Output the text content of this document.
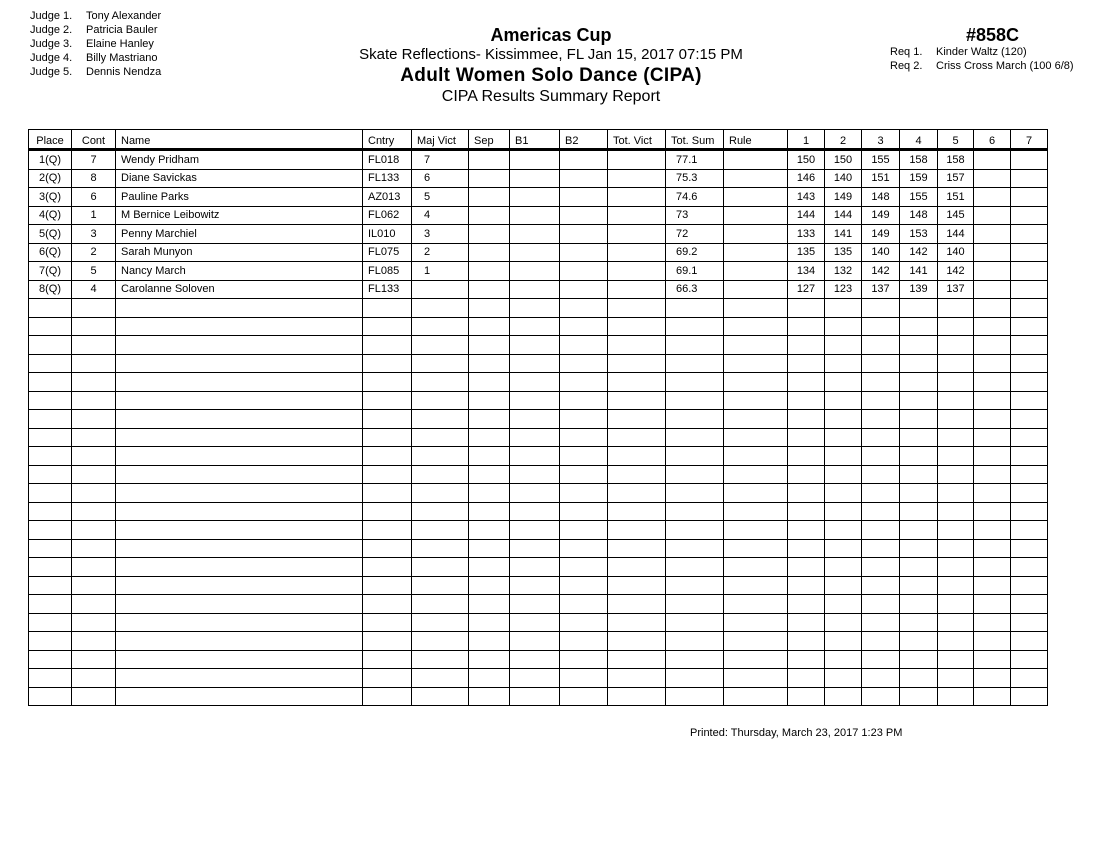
Judge 1. Tony Alexander
Judge 2. Patricia Bauler
Judge 3. Elaine Hanley
Judge 4. Billy Mastriano
Judge 5. Dennis Nendza
Americas Cup
Skate Reflections- Kissimmee, FL Jan 15, 2017 07:15 PM
Adult Women Solo Dance (CIPA)
CIPA Results Summary Report
#858C
Req 1. Kinder Waltz (120)
Req 2. Criss Cross March (100 6/8)
Place	Cont	Name	Cntry	Maj Vict	Sep	B1	B2	Tot. Vict	Tot. Sum	Rule	1	2	3	4	5	6	7
1(Q)	7	Wendy Pridham	FL018	7					77.1		150	150	155	158	158		
2(Q)	8	Diane Savickas	FL133	6					75.3		146	140	151	159	157		
3(Q)	6	Pauline Parks	AZ013	5					74.6		143	149	148	155	151		
4(Q)	1	M Bernice Leibowitz	FL062	4					73		144	144	149	148	145		
5(Q)	3	Penny Marchiel	IL010	3					72		133	141	149	153	144		
6(Q)	2	Sarah Munyon	FL075	2					69.2		135	135	140	142	140		
7(Q)	5	Nancy March	FL085	1					69.1		134	132	142	141	142		
8(Q)	4	Carolanne Soloven	FL133						66.3		127	123	137	139	137		

Printed: Thursday, March 23, 2017 1:23 PM
